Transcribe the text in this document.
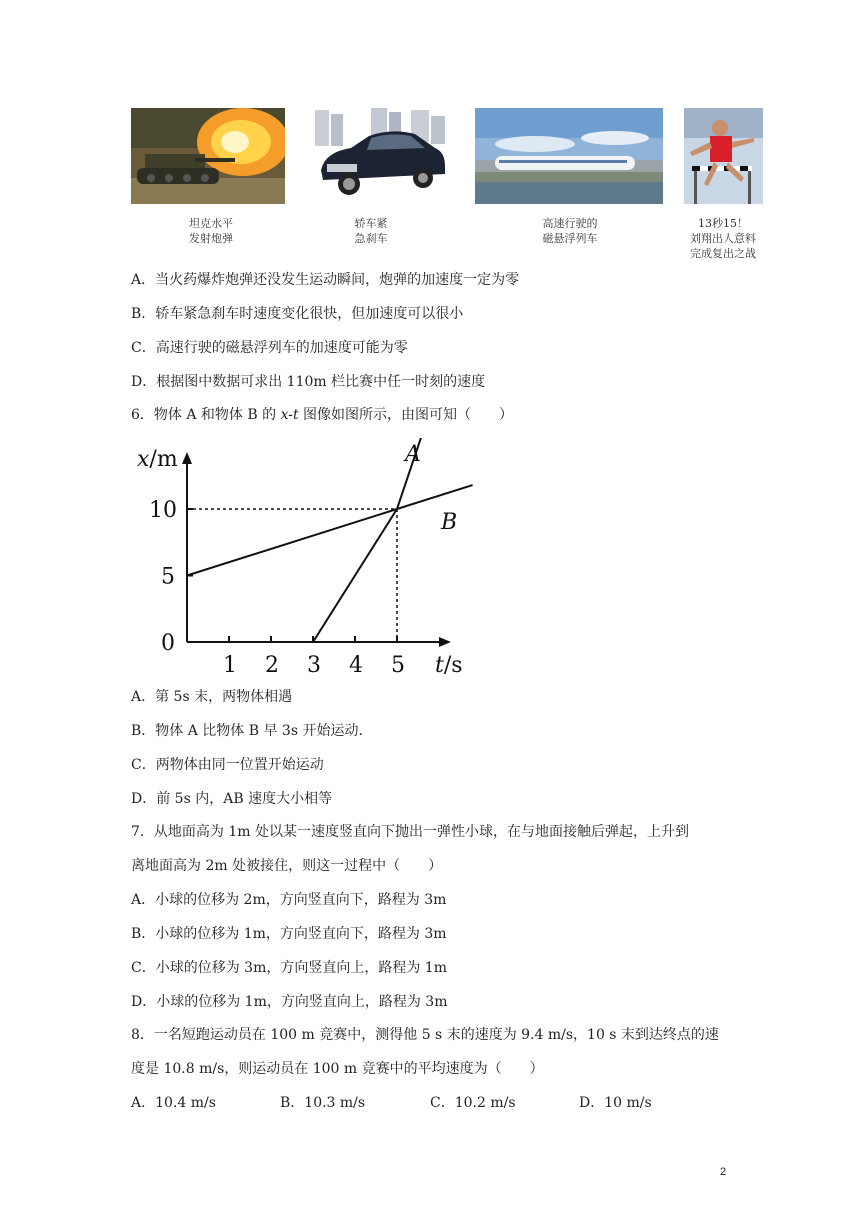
坦克水平
发射炮弹
轿车紧
急刹车
高速行驶的
磁悬浮列车
13秒15！
刘翔出人意料
完成复出之战
A．当火药爆炸炮弹还没发生运动瞬间，炮弹的加速度一定为零
B．轿车紧急刹车时速度变化很快，但加速度可以很小
C．高速行驶的磁悬浮列车的加速度可能为零
D．根据图中数据可求出 110m 栏比赛中任一时刻的速度
6．物体 A 和物体 B 的 x-t 图像如图所示，由图可知（　　）
1 2 3 4 5
0
5
10
A
B
x/m
t/s
A．第 5s 末，两物体相遇
B．物体 A 比物体 B 早 3s 开始运动.
C．两物体由同一位置开始运动
D．前 5s 内，AB 速度大小相等
7．从地面高为 1m 处以某一速度竖直向下抛出一弹性小球，在与地面接触后弹起，上升到
离地面高为 2m 处被接住，则这一过程中（　　）
A．小球的位移为 2m，方向竖直向下，路程为 3m
B．小球的位移为 1m，方向竖直向下，路程为 3m
C．小球的位移为 3m，方向竖直向上，路程为 1m
D．小球的位移为 1m，方向竖直向上，路程为 3m
8．一名短跑运动员在 100 m 竞赛中，测得他 5 s 末的速度为 9.4 m/s，10 s 末到达终点的速
度是 10.8 m/s，则运动员在 100 m 竞赛中的平均速度为（　　）
A．10.4 m/s	B．10.3 m/s	C．10.2 m/s	D．10 m/s
2
